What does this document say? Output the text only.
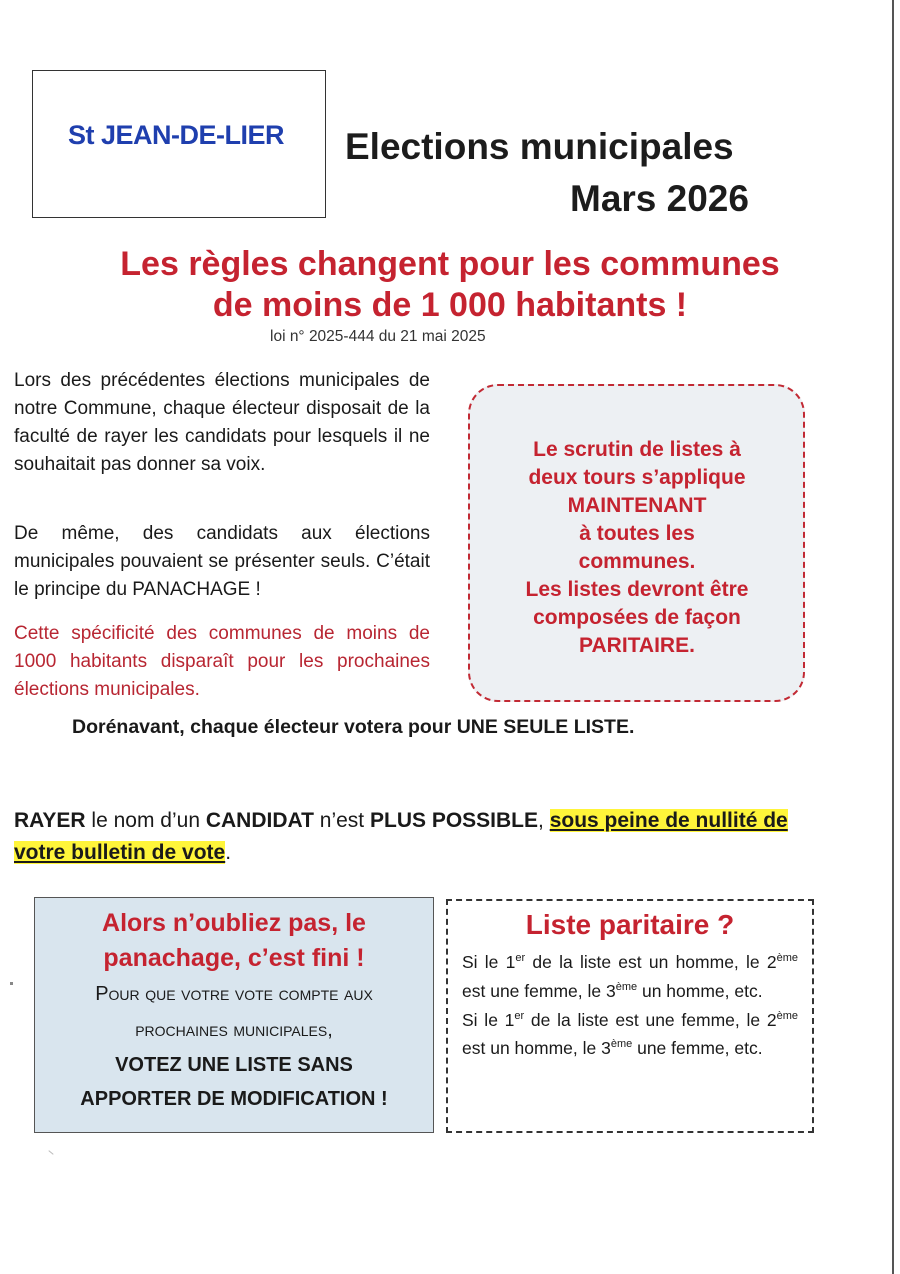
St JEAN-DE-LIER Elections municipales
Mars 2026
Les règles changent pour les communes
de moins de 1 000 habitants !
loi n° 2025-444 du 21 mai 2025
Lors des précédentes élections municipales de notre Commune, chaque électeur disposait de la faculté de rayer les candidats pour lesquels il ne souhaitait pas donner sa voix.
De même, des candidats aux élections municipales pouvaient se présenter seuls. C’était le principe du PANACHAGE !
Cette spécificité des communes de moins de 1000 habitants disparaît pour les prochaines élections municipales.
Le scrutin de listes à
deux tours s’applique
MAINTENANT
à toutes les
communes.
Les listes devront être
composées de façon
PARITAIRE.
Dorénavant, chaque électeur votera pour UNE SEULE LISTE.
RAYER le nom d’un CANDIDAT n’est PLUS POSSIBLE, sous peine de nullité de votre bulletin de vote.
Alors n’oubliez pas, le
panachage, c’est fini !
Pour que votre vote compte aux
prochaines municipales,
VOTEZ UNE LISTE SANS
APPORTER DE MODIFICATION !
Liste paritaire ?
Si le 1er de la liste est un homme, le 2ème est une femme, le 3ème un homme, etc.
Si le 1er de la liste est une femme, le 2ème est un homme, le 3ème une femme, etc.
